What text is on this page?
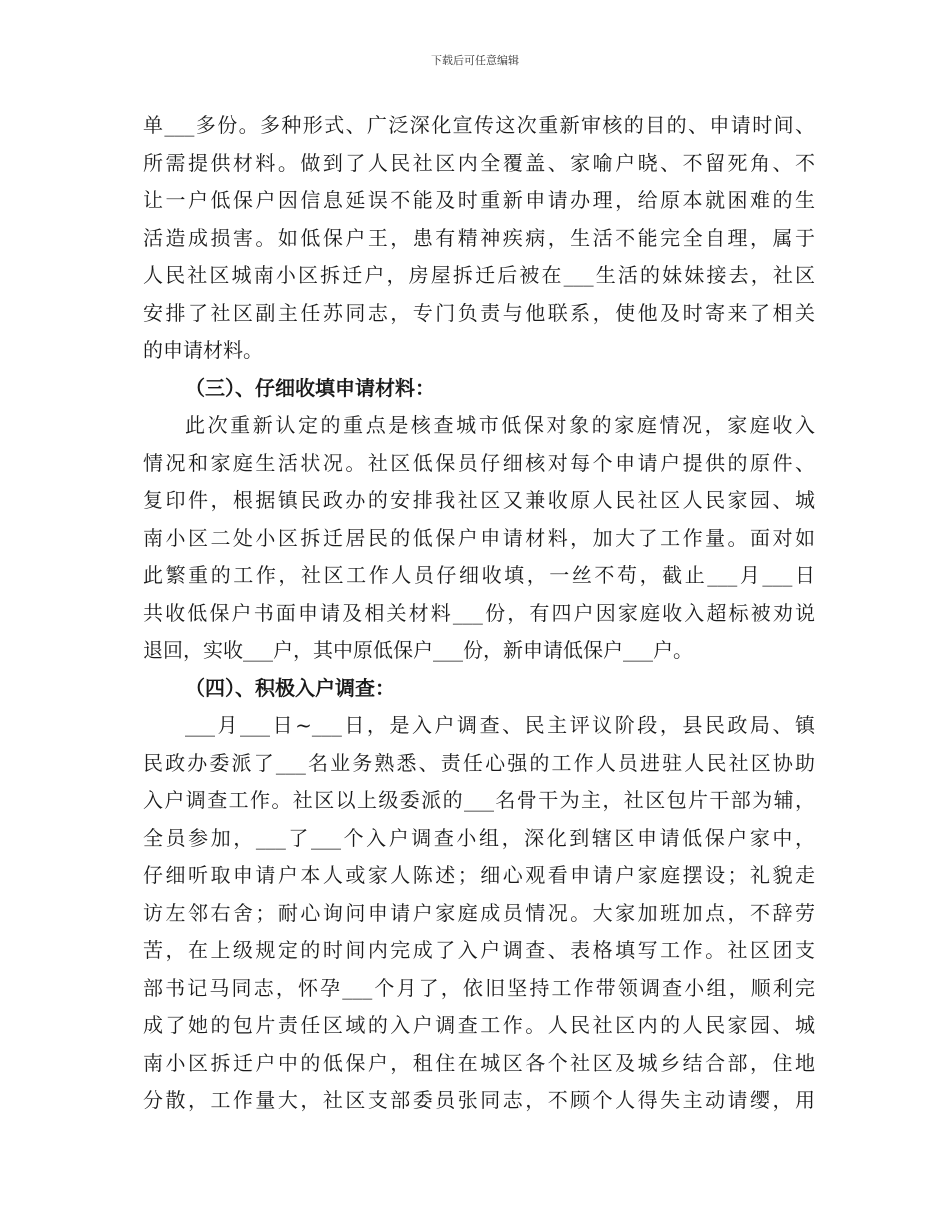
下载后可任意编辑
单___多份。多种形式、广泛深化宣传这次重新审核的目的、申请时间、
所需提供材料。做到了人民社区内全覆盖、家喻户晓、不留死角、不
让一户低保户因信息延误不能及时重新申请办理，给原本就困难的生
活造成损害。如低保户王，患有精神疾病，生活不能完全自理，属于
人民社区城南小区拆迁户，房屋拆迁后被在___生活的妹妹接去，社区
安排了社区副主任苏同志，专门负责与他联系，使他及时寄来了相关
的申请材料。
（三）、仔细收填申请材料：
此次重新认定的重点是核查城市低保对象的家庭情况，家庭收入
情况和家庭生活状况。社区低保员仔细核对每个申请户提供的原件、
复印件，根据镇民政办的安排我社区又兼收原人民社区人民家园、城
南小区二处小区拆迁居民的低保户申请材料，加大了工作量。面对如
此繁重的工作，社区工作人员仔细收填，一丝不苟，截止___月___日
共收低保户书面申请及相关材料___份，有四户因家庭收入超标被劝说
退回，实收___户，其中原低保户___份，新申请低保户___户。
（四）、积极入户调查：
___月___日~___日，是入户调查、民主评议阶段，县民政局、镇
民政办委派了___名业务熟悉、责任心强的工作人员进驻人民社区协助
入户调查工作。社区以上级委派的___名骨干为主，社区包片干部为辅，
全员参加，___了___个入户调查小组，深化到辖区申请低保户家中，
仔细听取申请户本人或家人陈述；细心观看申请户家庭摆设；礼貌走
访左邻右舍；耐心询问申请户家庭成员情况。大家加班加点，不辞劳
苦，在上级规定的时间内完成了入户调查、表格填写工作。社区团支
部书记马同志，怀孕___个月了，依旧坚持工作带领调查小组，顺利完
成了她的包片责任区域的入户调查工作。人民社区内的人民家园、城
南小区拆迁户中的低保户，租住在城区各个社区及城乡结合部，住地
分散，工作量大，社区支部委员张同志，不顾个人得失主动请缨，用
